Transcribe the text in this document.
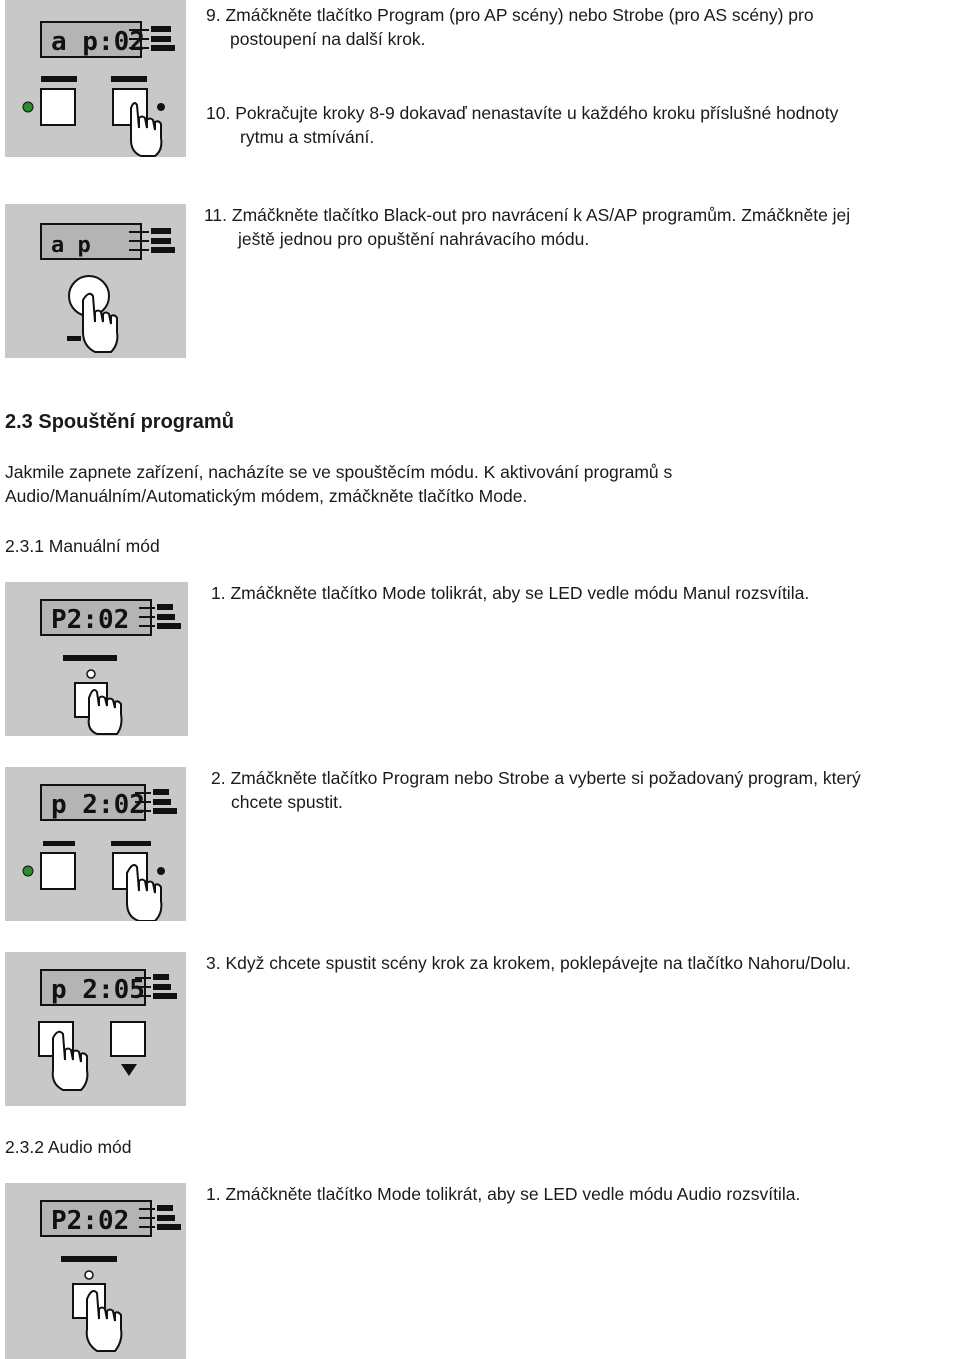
9. Zmáčkněte tlačítko Program (pro AP scény) nebo Strobe (pro AS scény) pro

postoupení na další krok.

10. Pokračujte kroky 8-9 dokavaď nenastavíte u každého kroku příslušné hodnoty

rytmu a stmívání.

11. Zmáčkněte tlačítko Black-out pro navrácení k AS/AP programům. Zmáčkněte jej

ještě jednou pro opuštění nahrávacího módu.

a p:02
a p
2.3 Spouštění programů

Jakmile zapnete zařízení, nacházíte se ve spouštěcím módu. K aktivování programů s

Audio/Manuálním/Automatickým módem, zmáčkněte tlačítko Mode.

2.3.1 Manuální mód

1. Zmáčkněte tlačítko Mode tolikrát, aby se LED vedle módu Manul rozsvítila.

P2:02

2. Zmáčkněte tlačítko Program nebo Strobe a vyberte si požadovaný program, který

chcete spustit.

p 2:02

3. Když chcete spustit scény krok za krokem, poklepávejte na tlačítko Nahoru/Dolu.

p 2:05

2.3.2 Audio mód

1. Zmáčkněte tlačítko Mode tolikrát, aby se LED vedle módu Audio rozsvítila.

P2:02
